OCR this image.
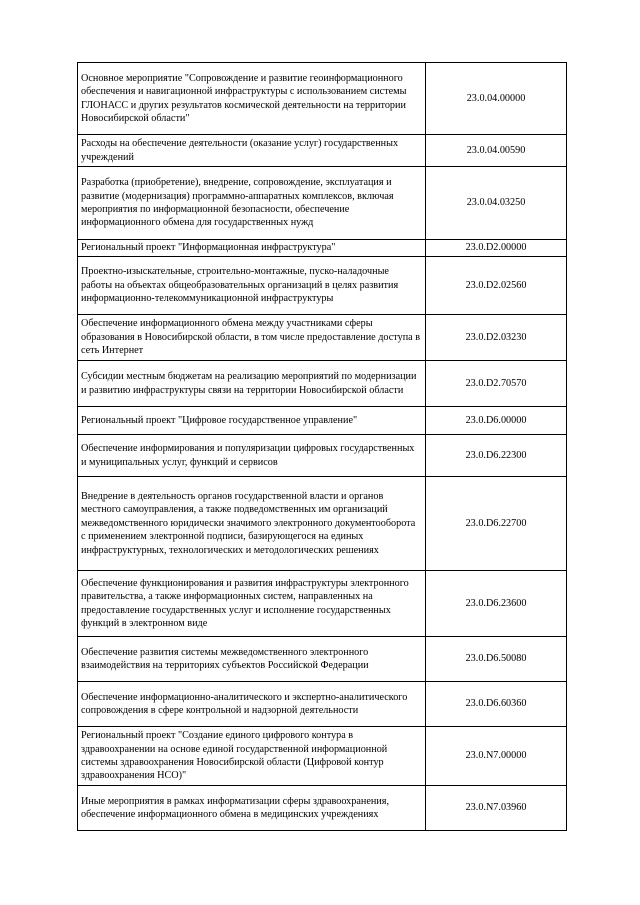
Основное мероприятие "Сопровождение и развитие геоинформационного обеспечения и навигационной инфраструктуры с использованием системы ГЛОНАСС и других результатов космической деятельности на территории Новосибирской области"	23.0.04.00000
Расходы на обеспечение деятельности (оказание услуг) государственных учреждений	23.0.04.00590
Разработка (приобретение), внедрение, сопровождение, эксплуатация и развитие (модернизация) программно-аппаратных комплексов, включая мероприятия по информационной безопасности, обеспечение информационного обмена для государственных нужд	23.0.04.03250
Региональный проект "Информационная инфраструктура"	23.0.D2.00000
Проектно-изыскательные, строительно-монтажные, пуско-наладочные работы на объектах общеобразовательных организаций в целях развития информационно-телекоммуникационной инфраструктуры	23.0.D2.02560
Обеспечение информационного обмена между участниками сферы образования в Новосибирской области, в том числе предоставление доступа в сеть Интернет	23.0.D2.03230
Субсидии местным бюджетам на реализацию мероприятий по модернизации и развитию инфраструктуры связи на территории Новосибирской области	23.0.D2.70570
Региональный проект "Цифровое государственное управление"	23.0.D6.00000
Обеспечение информирования и популяризации цифровых государственных и муниципальных услуг, функций и сервисов	23.0.D6.22300
Внедрение в деятельность органов государственной власти и органов местного самоуправления, а также подведомственных им организаций межведомственного юридически значимого электронного документооборота с применением электронной подписи, базирующегося на единых инфраструктурных, технологических и методологических решениях	23.0.D6.22700
Обеспечение функционирования и развития инфраструктуры электронного правительства, а также информационных систем, направленных на предоставление государственных услуг и исполнение государственных функций в электронном виде	23.0.D6.23600
Обеспечение развития системы межведомственного электронного взаимодействия на территориях субъектов Российской Федерации	23.0.D6.50080
Обеспечение информационно-аналитического и экспертно-аналитического сопровождения в сфере контрольной и надзорной деятельности	23.0.D6.60360
Региональный проект "Создание единого цифрового контура в здравоохранении на основе единой государственной информационной системы здравоохранения Новосибирской области (Цифровой контур здравоохранения НСО)"	23.0.N7.00000
Иные мероприятия в рамках информатизации сферы здравоохранения, обеспечение информационного обмена в медицинских учреждениях	23.0.N7.03960
